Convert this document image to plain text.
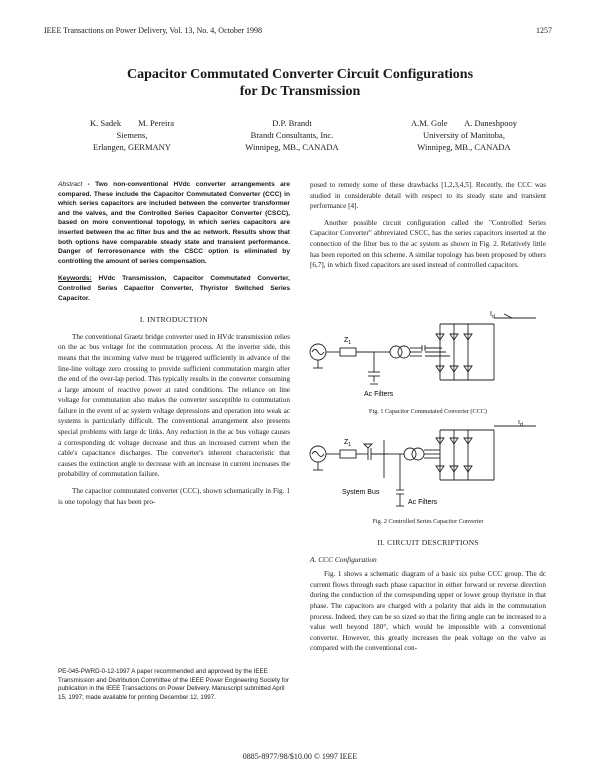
IEEE Transactions on Power Delivery, Vol. 13, No. 4, October 1998	1257
Capacitor Commutated Converter Circuit Configurations
for Dc Transmission
K. Sadek        M. Pereira
Siemens,
Erlangen, GERMANY
D.P. Brandt
Brandt Consultants, Inc.
Winnipeg, MB., CANADA
A.M. Gole        A. Daneshpooy
University of Manitoba,
Winnipeg, MB., CANADA
Abstract - Two non-conventional HVdc converter arrangements are compared. These include the Capacitor Commutated Converter (CCC) in which series capacitors are included between the converter transformer and the valves, and the Controlled Series Capacitor Converter (CSCC), based on more conventional topology, in which series capacitors are inserted between the ac filter bus and the ac network. Results show that both options have comparable steady state and transient performance. Danger of ferroresonance with the CSCC option is eliminated by controlling the amount of series compensation.
Keywords: HVdc Transmission, Capacitor Commutated Converter, Controlled Series Capacitor Converter, Thyristor Switched Series Capacitor.
I. INTRODUCTION

The conventional Graetz bridge converter used in HVdc transmission relies on the ac bus voltage for the commutation process. At the inverter side, this means that the incoming valve must be triggered sufficiently in advance of the line-line voltage zero crossing to provide sufficient commutation margin after the end of the over-lap period. This typically results in the converter consuming a large amount of reactive power at rated conditions. The reliance on line voltage for commutation also makes the converter susceptible to commutation failure in the event of ac system voltage depressions and operation into weak ac systems is particularly difficult. The conventional arrangement also presents special problems with large dc links. Any reduction in the ac bus voltage causes a corresponding dc voltage decrease and thus an increased current when the cable's capacitance discharges. The converter's inherent characteristic that causes the extinction angle to decrease with an increase in current increases the probability of commutation failure.

The capacitor commutated converter (CCC), shown schematically in Fig. 1 is one topology that has been pro-

PE-045-PWRD-0-12-1997 A paper recommended and approved by the IEEE Transmission and Distribution Committee of the IEEE Power Engineering Society for publication in the IEEE Transactions on Power Delivery. Manuscript submitted April 15, 1997; made available for printing December 12, 1997.

posed to remedy some of these drawbacks [1,2,3,4,5]. Recently, the CCC was studied in considerable detail with respect to its steady state and transient performance [4].

Another possible circuit configuration called the "Controlled Series Capacitor Converter" abbreviated CSCC, has the series capacitors inserted at the connection of the filter bus to the ac system as shown in Fig. 2. Relatively little has been reported on this scheme. A similar topology has been proposed by others [6,7], in which fixed capacitors are used instead of controlled capacitors.

$Z_1$
$I_d$
Ac Filters
Fig. 1 Capacitor Commutated Converter (CCC)
$Z_1$
$I_d$
System Bus
Ac Filters
Fig. 2 Controlled Series Capacitor Converter
II. CIRCUIT DESCRIPTIONS
A. CCC Configuration

Fig. 1 shows a schematic diagram of a basic six pulse CCC group. The dc current flows through each phase capacitor in either forward or reverse direction during the conduction of the corresponding upper or lower group thyristor in that phase. The capacitors are charged with a polarity that aids in the commutation process. Indeed, they can be so sized so that the firing angle can be increased to a value well beyond 180°, which would be impossible with a conventional converter. However, this greatly increases the peak voltage on the valve as compared with the conventional con-

0885-8977/98/$10.00 © 1997 IEEE
